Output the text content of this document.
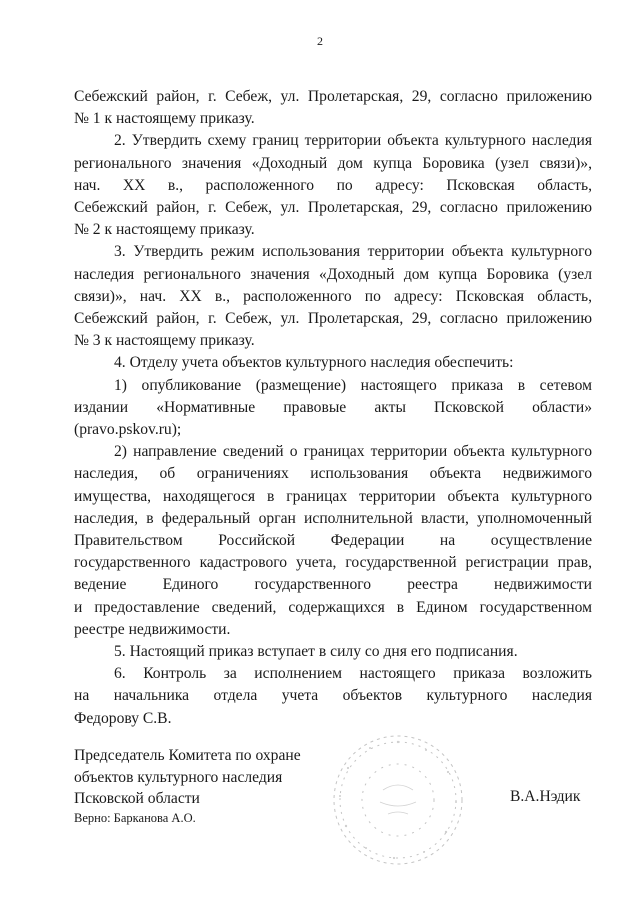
2

Себежский район, г. Себеж, ул. Пролетарская, 29, согласно приложению
№ 1 к настоящему приказу.

2. Утвердить схему границ территории объекта культурного наследия
регионального значения «Доходный дом купца Боровика (узел связи)»,
нач. XX в., расположенного по адресу: Псковская область,
Себежский район, г. Себеж, ул. Пролетарская, 29, согласно приложению
№ 2 к настоящему приказу.

3. Утвердить режим использования территории объекта культурного
наследия регионального значения «Доходный дом купца Боровика (узел
связи)», нач. XX в., расположенного по адресу: Псковская область,
Себежский район, г. Себеж, ул. Пролетарская, 29, согласно приложению
№ 3 к настоящему приказу.

4. Отделу учета объектов культурного наследия обеспечить:

1) опубликование (размещение) настоящего приказа в сетевом
издании «Нормативные правовые акты Псковской области»
(pravo.pskov.ru);

2) направление сведений о границах территории объекта культурного
наследия, об ограничениях использования объекта недвижимого
имущества, находящегося в границах территории объекта культурного
наследия, в федеральный орган исполнительной власти, уполномоченный
Правительством Российской Федерации на осуществление
государственного кадастрового учета, государственной регистрации прав,
ведение Единого государственного реестра недвижимости
и предоставление сведений, содержащихся в Едином государственном
реестре недвижимости.

5. Настоящий приказ вступает в силу со дня его подписания.

6. Контроль за исполнением настоящего приказа возложить
на начальника отдела учета объектов культурного наследия
Федорову С.В.

Председатель Комитета по охране
объектов культурного наследия
Псковской области	В.А.Нэдик
Верно: Барканова А.О.
